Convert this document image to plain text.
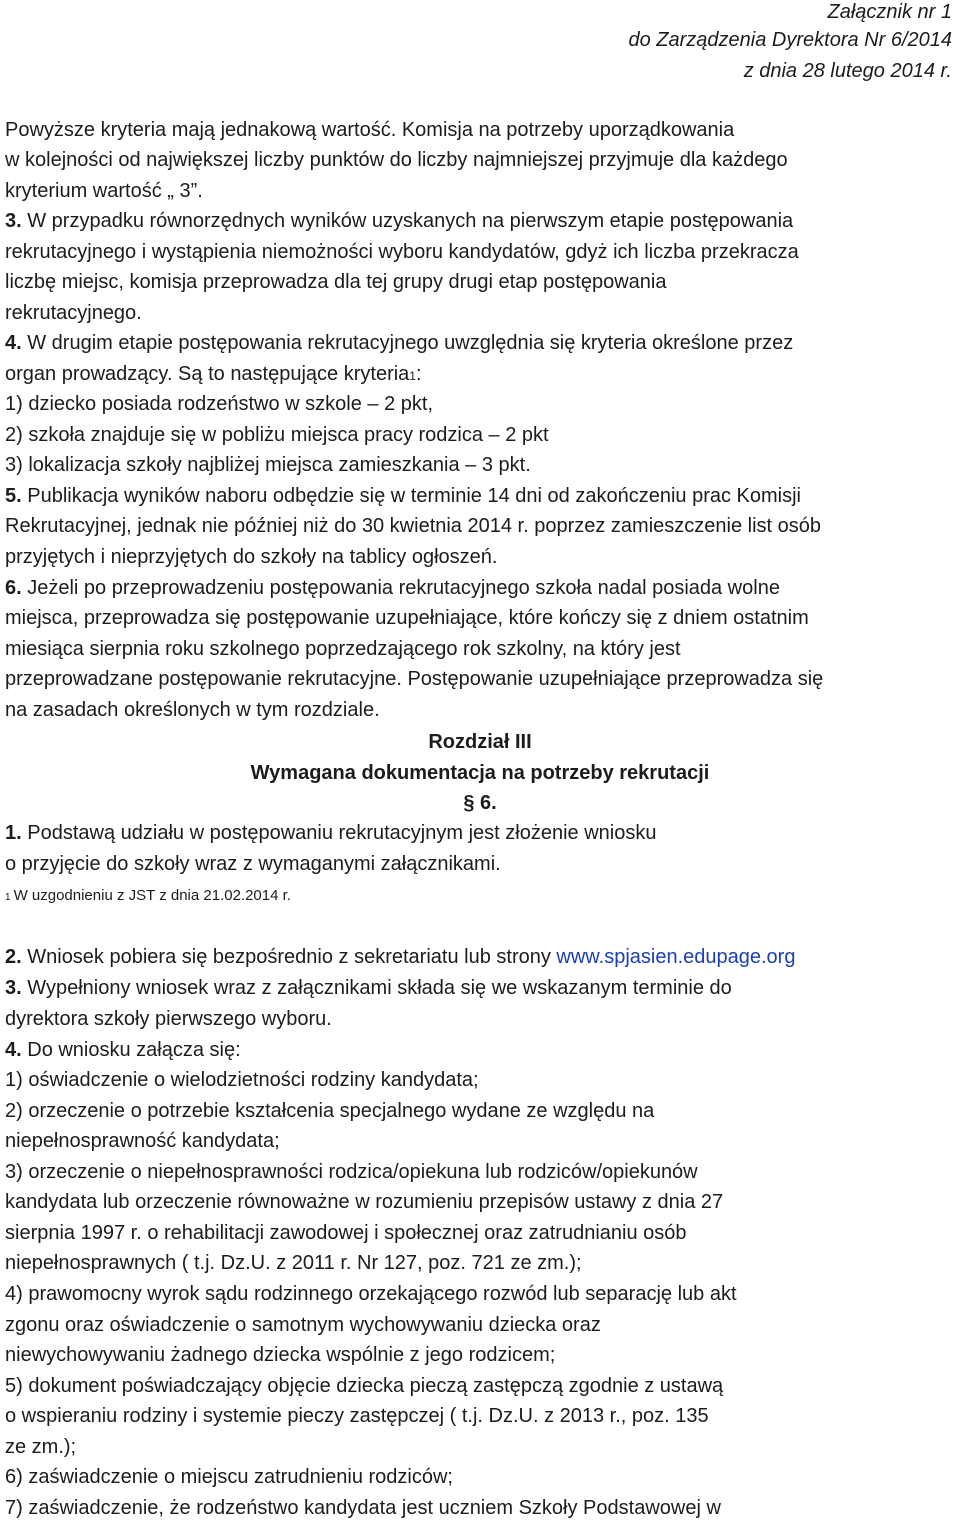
Załącznik nr 1
do Zarządzenia Dyrektora Nr 6/2014
z dnia 28 lutego 2014 r.
Powyższe kryteria mają jednakową wartość. Komisja na potrzeby uporządkowania
w kolejności od największej liczby punktów do liczby najmniejszej przyjmuje dla każdego
kryterium wartość „ 3”.
3. W przypadku równorzędnych wyników uzyskanych na pierwszym etapie postępowania
rekrutacyjnego i wystąpienia niemożności wyboru kandydatów, gdyż ich liczba przekracza
liczbę miejsc, komisja przeprowadza dla tej grupy drugi etap postępowania
rekrutacyjnego.
4. W drugim etapie postępowania rekrutacyjnego uwzględnia się kryteria określone przez
organ prowadzący. Są to następujące kryteria1:
1) dziecko posiada rodzeństwo w szkole – 2 pkt,
2) szkoła znajduje się w pobliżu miejsca pracy rodzica – 2 pkt
3) lokalizacja szkoły najbliżej miejsca zamieszkania – 3 pkt.
5. Publikacja wyników naboru odbędzie się w terminie 14 dni od zakończeniu prac Komisji
Rekrutacyjnej, jednak nie później niż do 30 kwietnia 2014 r. poprzez zamieszczenie list osób
przyjętych i nieprzyjętych do szkoły na tablicy ogłoszeń.
6. Jeżeli po przeprowadzeniu postępowania rekrutacyjnego szkoła nadal posiada wolne
miejsca, przeprowadza się postępowanie uzupełniające, które kończy się z dniem ostatnim
miesiąca sierpnia roku szkolnego poprzedzającego rok szkolny, na który jest
przeprowadzane postępowanie rekrutacyjne. Postępowanie uzupełniające przeprowadza się
na zasadach określonych w tym rozdziale.
Rozdział III
Wymagana dokumentacja na potrzeby rekrutacji
§ 6.
1. Podstawą udziału w postępowaniu rekrutacyjnym jest złożenie wniosku
o przyjęcie do szkoły wraz z wymaganymi załącznikami.
1 W uzgodnieniu z JST z dnia 21.02.2014 r.
2. Wniosek pobiera się bezpośrednio z sekretariatu lub strony www.spjasien.edupage.org
3. Wypełniony wniosek wraz z załącznikami składa się we wskazanym terminie do
dyrektora szkoły pierwszego wyboru.
4. Do wniosku załącza się:
1) oświadczenie o wielodzietności rodziny kandydata;
2) orzeczenie o potrzebie kształcenia specjalnego wydane ze względu na
niepełnosprawność kandydata;
3) orzeczenie o niepełnosprawności rodzica/opiekuna lub rodziców/opiekunów
kandydata lub orzeczenie równoważne w rozumieniu przepisów ustawy z dnia 27
sierpnia 1997 r. o rehabilitacji zawodowej i społecznej oraz zatrudnianiu osób
niepełnosprawnych ( t.j. Dz.U. z 2011 r. Nr 127, poz. 721 ze zm.);
4) prawomocny wyrok sądu rodzinnego orzekającego rozwód lub separację lub akt
zgonu oraz oświadczenie o samotnym wychowywaniu dziecka oraz
niewychowywaniu żadnego dziecka wspólnie z jego rodzicem;
5) dokument poświadczający objęcie dziecka pieczą zastępczą zgodnie z ustawą
o wspieraniu rodziny i systemie pieczy zastępczej ( t.j. Dz.U. z 2013 r., poz. 135
ze zm.);
6) zaświadczenie o miejscu zatrudnieniu rodziców;
7) zaświadczenie, że rodzeństwo kandydata jest uczniem Szkoły Podstawowej w
